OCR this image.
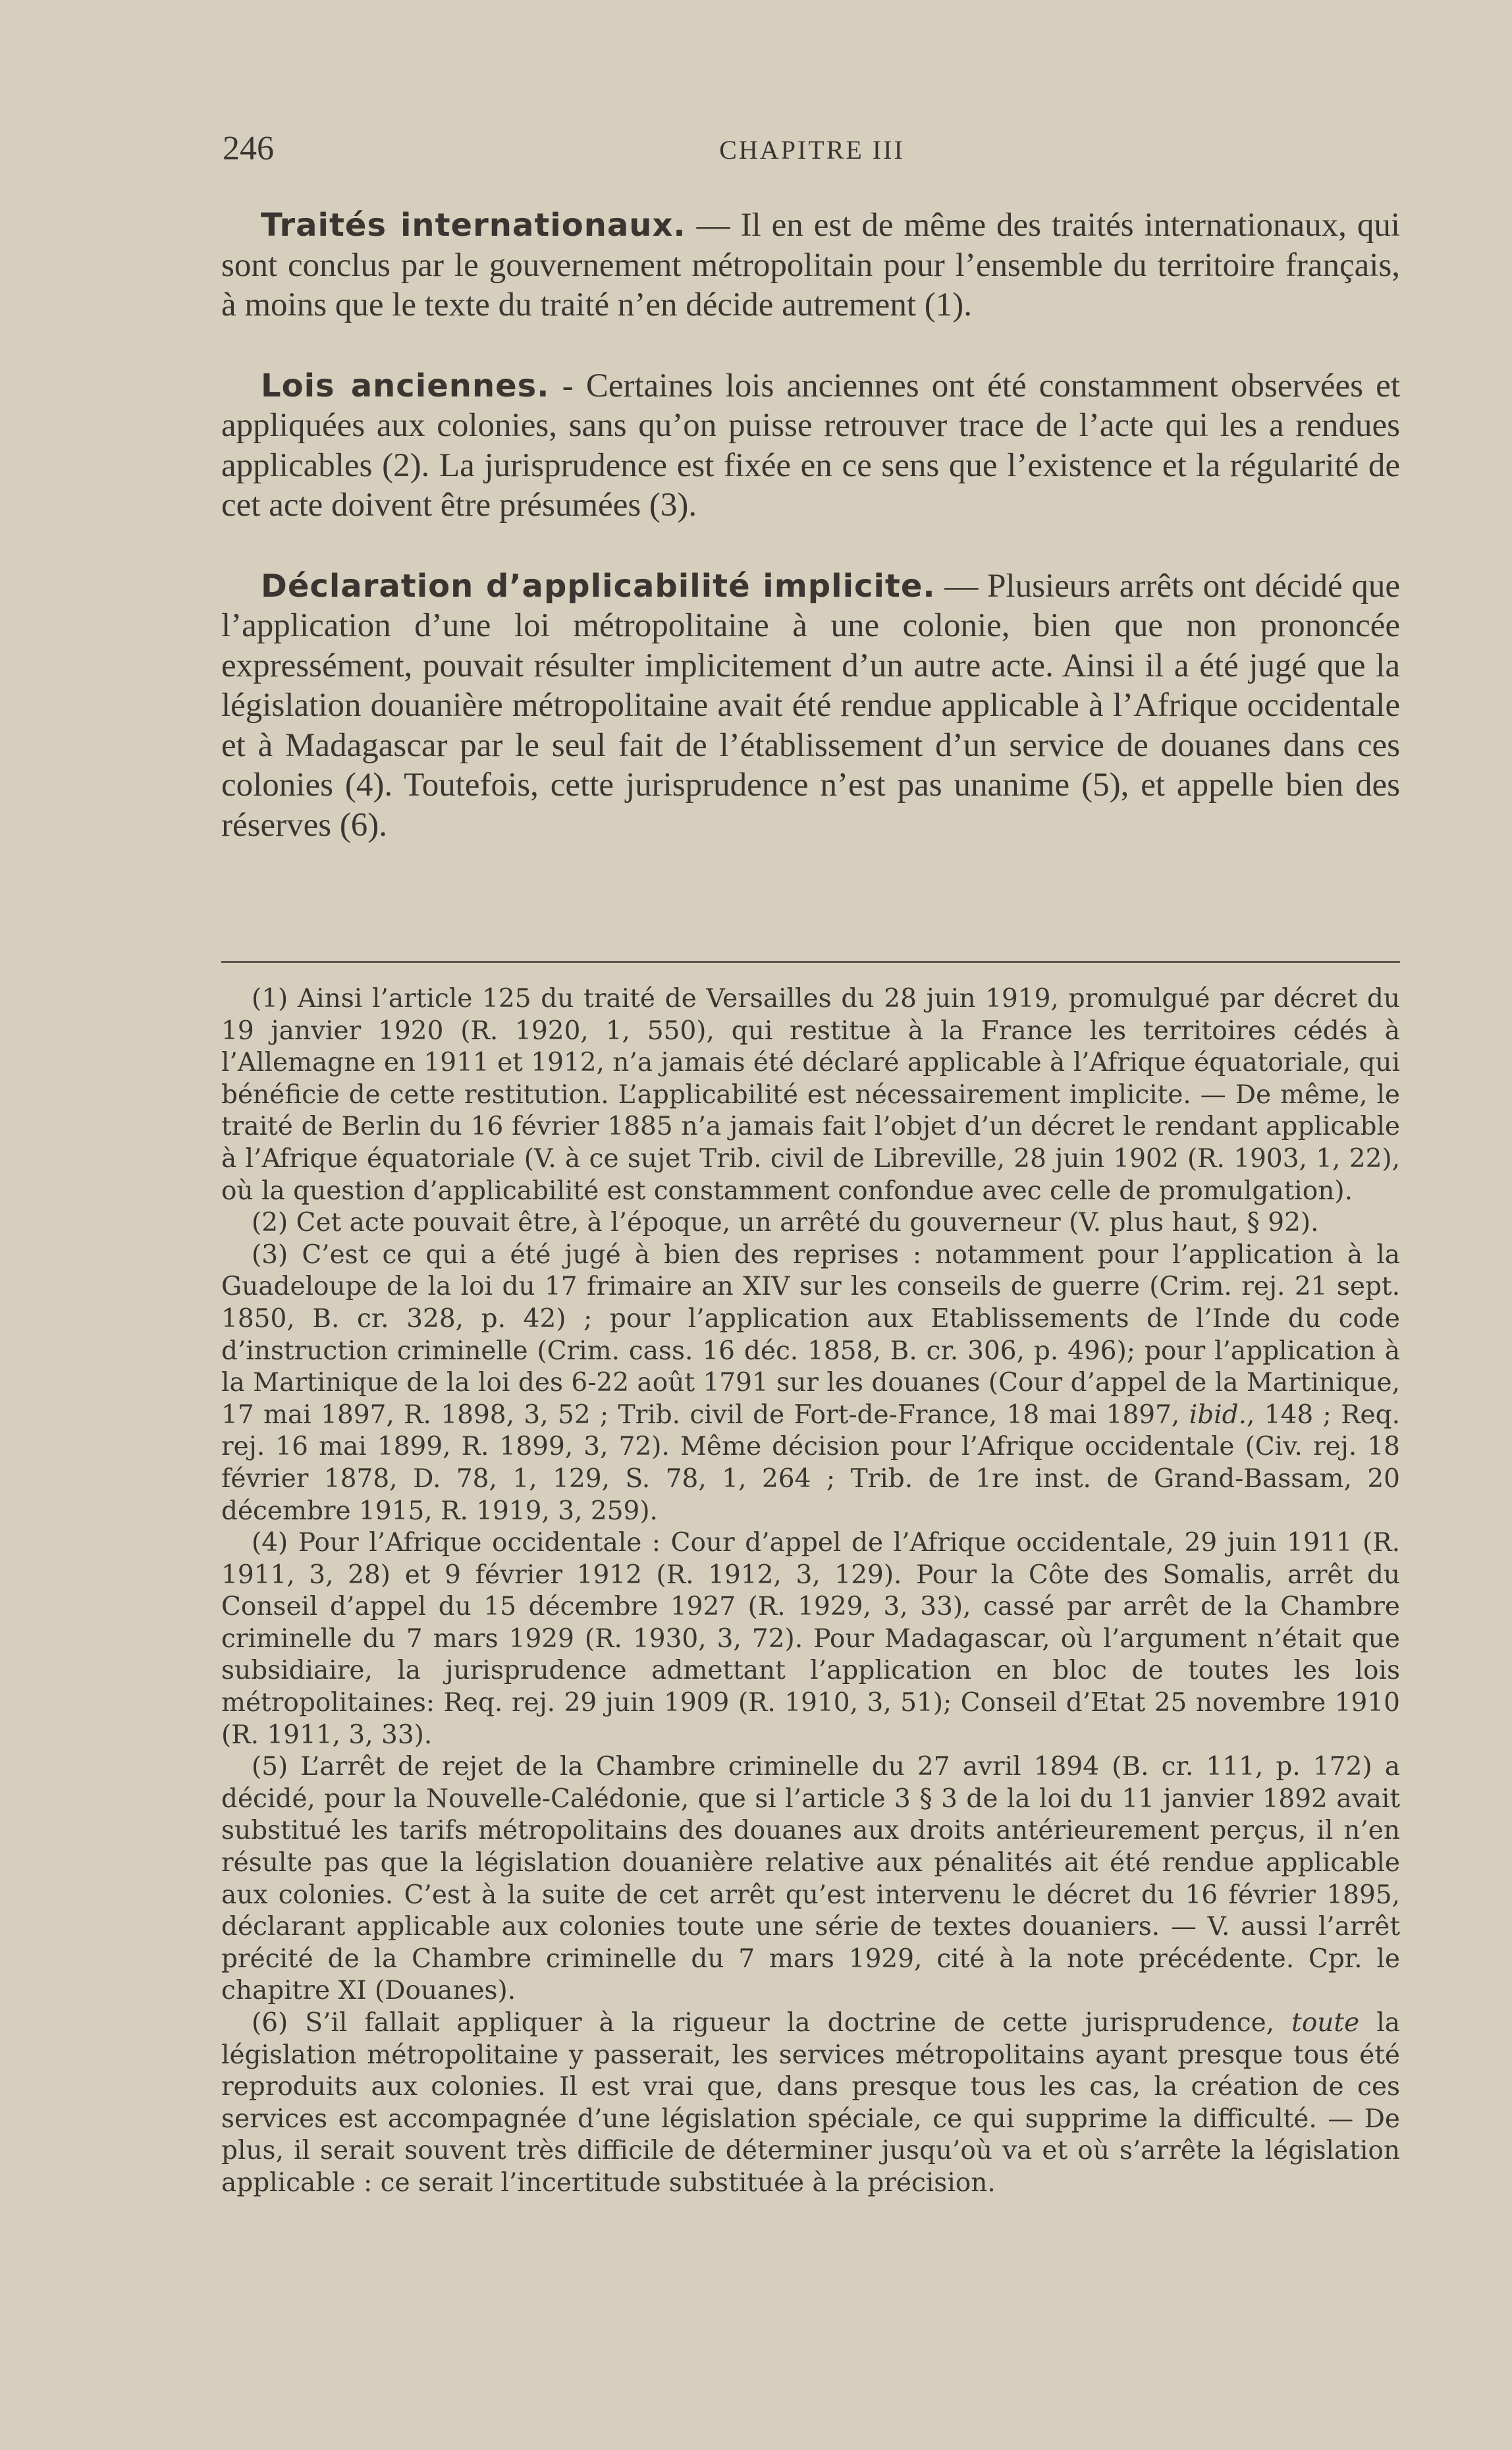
246	CHAPITRE III

Traités internationaux. — Il en est de même des traités internationaux, qui sont conclus par le gouvernement métropolitain pour l’ensemble du territoire français, à moins que le texte du traité n’en décide autrement (1).

Lois anciennes. - Certaines lois anciennes ont été constamment observées et appliquées aux colonies, sans qu’on puisse retrouver trace de l’acte qui les a rendues applicables (2). La jurisprudence est fixée en ce sens que l’existence et la régularité de cet acte doivent être présumées (3).

Déclaration d’applicabilité implicite. — Plusieurs arrêts ont décidé que l’application d’une loi métropolitaine à une colonie, bien que non prononcée expressément, pouvait résulter implicitement d’un autre acte. Ainsi il a été jugé que la législation douanière métropolitaine avait été rendue applicable à l’Afrique occidentale et à Madagascar par le seul fait de l’établissement d’un service de douanes dans ces colonies (4). Toutefois, cette jurisprudence n’est pas unanime (5), et appelle bien des réserves (6).

(1) Ainsi l’article 125 du traité de Versailles du 28 juin 1919, promulgué par décret du 19 janvier 1920 (R. 1920, 1, 550), qui restitue à la France les territoires cédés à l’Allemagne en 1911 et 1912, n’a jamais été déclaré applicable à l’Afrique équatoriale, qui bénéficie de cette restitution. L’applicabilité est nécessairement implicite. — De même, le traité de Berlin du 16 février 1885 n’a jamais fait l’objet d’un décret le rendant applicable à l’Afrique équatoriale (V. à ce sujet Trib. civil de Libreville, 28 juin 1902 (R. 1903, 1, 22), où la question d’applicabilité est constamment confondue avec celle de promulgation).

(2) Cet acte pouvait être, à l’époque, un arrêté du gouverneur (V. plus haut, § 92).

(3) C’est ce qui a été jugé à bien des reprises : notamment pour l’application à la Guadeloupe de la loi du 17 frimaire an XIV sur les conseils de guerre (Crim. rej. 21 sept. 1850, B. cr. 328, p. 42) ; pour l’application aux Etablissements de l’Inde du code d’instruction criminelle (Crim. cass. 16 déc. 1858, B. cr. 306, p. 496); pour l’application à la Martinique de la loi des 6-22 août 1791 sur les douanes (Cour d’appel de la Martinique, 17 mai 1897, R. 1898, 3, 52 ; Trib. civil de Fort-de-France, 18 mai 1897, ibid., 148 ; Req. rej. 16 mai 1899, R. 1899, 3, 72). Même décision pour l’Afrique occidentale (Civ. rej. 18 février 1878, D. 78, 1, 129, S. 78, 1, 264 ; Trib. de 1re inst. de Grand-Bassam, 20 décembre 1915, R. 1919, 3, 259).

(4) Pour l’Afrique occidentale : Cour d’appel de l’Afrique occidentale, 29 juin 1911 (R. 1911, 3, 28) et 9 février 1912 (R. 1912, 3, 129). Pour la Côte des Somalis, arrêt du Conseil d’appel du 15 décembre 1927 (R. 1929, 3, 33), cassé par arrêt de la Chambre criminelle du 7 mars 1929 (R. 1930, 3, 72). Pour Madagascar, où l’argument n’était que subsidiaire, la jurisprudence admettant l’application en bloc de toutes les lois métropolitaines: Req. rej. 29 juin 1909 (R. 1910, 3, 51); Conseil d’Etat 25 novembre 1910 (R. 1911, 3, 33).

(5) L’arrêt de rejet de la Chambre criminelle du 27 avril 1894 (B. cr. 111, p. 172) a décidé, pour la Nouvelle-Calédonie, que si l’article 3 § 3 de la loi du 11 janvier 1892 avait substitué les tarifs métropolitains des douanes aux droits antérieurement perçus, il n’en résulte pas que la législation douanière relative aux pénalités ait été rendue applicable aux colonies. C’est à la suite de cet arrêt qu’est intervenu le décret du 16 février 1895, déclarant applicable aux colonies toute une série de textes douaniers. — V. aussi l’arrêt précité de la Chambre criminelle du 7 mars 1929, cité à la note précédente. Cpr. le chapitre XI (Douanes).

(6) S’il fallait appliquer à la rigueur la doctrine de cette jurisprudence, toute la législation métropolitaine y passerait, les services métropolitains ayant presque tous été reproduits aux colonies. Il est vrai que, dans presque tous les cas, la création de ces services est accompagnée d’une législation spéciale, ce qui supprime la difficulté. — De plus, il serait souvent très difficile de déterminer jusqu’où va et où s’arrête la législation applicable : ce serait l’incertitude substituée à la précision.
